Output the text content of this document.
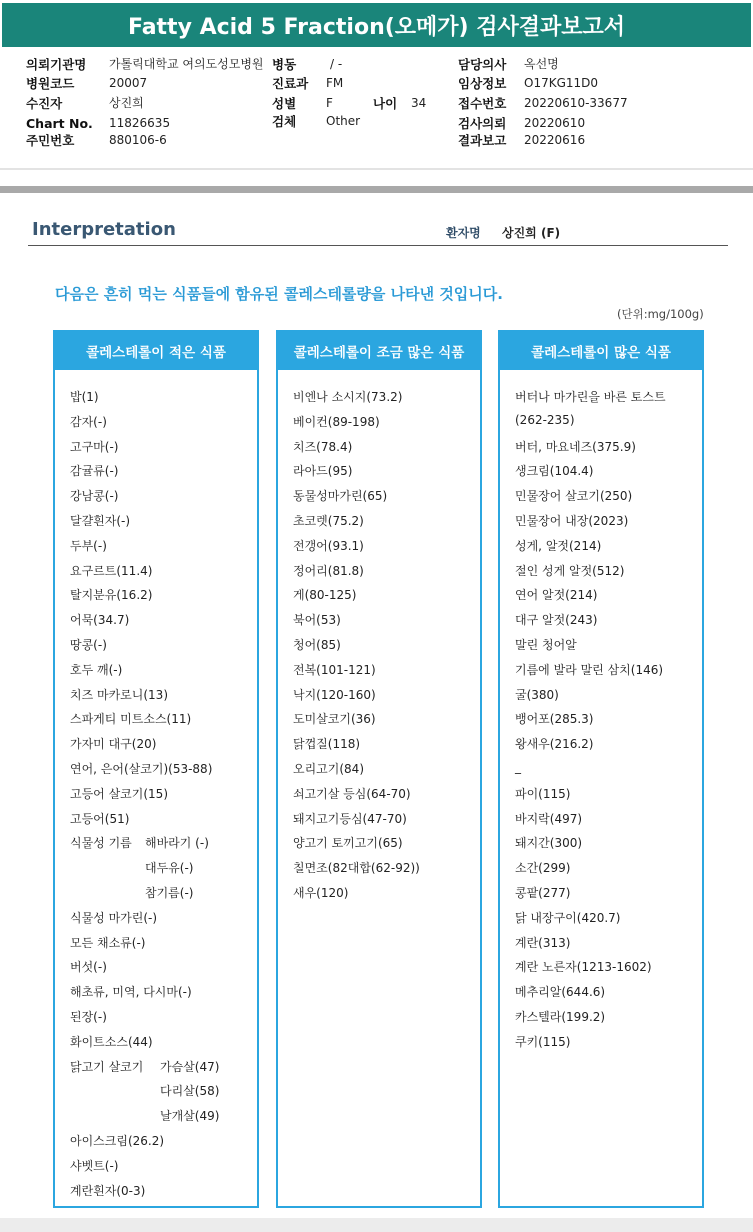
Fatty Acid 5 Fraction(오메가) 검사결과보고서
의뢰기관명 가톨릭대학교 여의도성모병원
병원코드	20007
수진자	상진희
Chart No. 11826635
주민번호	880106-6
병동	/ -
진료과 FM
성별 F	나이 34
검체 Other
담당의사 옥선명
임상정보 O17KG11D0
접수번호 20220610-33677
검사의뢰 20220610
결과보고 20220616
Interpretation	환자명 상진희 (F)
다음은 흔히 먹는 식품들에 함유된 콜레스테롤량을 나타낸 것입니다.
(단위:mg/100g)
콜레스테롤이 적은 식품
밥(1)
감자(-)
고구마(-)
감귤류(-)
강남콩(-)
달걀흰자(-)
두부(-)
요구르트(11.4)
탈지분유(16.2)
어묵(34.7)
땅콩(-)
호두 깨(-)
치즈 마카로니(13)
스파게티 미트소스(11)
가자미 대구(20)
연어, 은어(살코기)(53-88)
고등어 살코기(15)
고등어(51)
식물성 기름 해바라기 (-)
대두유(-)
참기름(-)
식물성 마가린(-)
모든 채소류(-)
버섯(-)
해초류, 미역, 다시마(-)
된장(-)
화이트소스(44)
닭고기 살코기 가슴살(47)
다리살(58)
날개살(49)
아이스크림(26.2)
샤벳트(-)
계란흰자(0-3)
콜레스테롤이 조금 많은 식품
비엔나 소시지(73.2)
베이컨(89-198)
치즈(78.4)
라아드(95)
동물성마가린(65)
초코렛(75.2)
전갱어(93.1)
정어리(81.8)
게(80-125)
북어(53)
청어(85)
전복(101-121)
낙지(120-160)
도미살코기(36)
닭껍질(118)
오리고기(84)
쇠고기살 등심(64-70)
돼지고기등심(47-70)
양고기 토끼고기(65)
칠면조(82대합(62-92))
새우(120)
콜레스테롤이 많은 식품
버터나 마가린을 바른 토스트
(262-235)
버터, 마요네즈(375.9)
생크림(104.4)
민물장어 살코기(250)
민물장어 내장(2023)
성게, 알젓(214)
절인 성게 알젓(512)
연어 알젓(214)
대구 알젓(243)
말린 청어알
기름에 발라 말린 삼치(146)
굴(380)
뱅어포(285.3)
왕새우(216.2)
_
파이(115)
바지락(497)
돼지간(300)
소간(299)
콩팥(277)
닭 내장구이(420.7)
계란(313)
계란 노른자(1213-1602)
메추리알(644.6)
카스텔라(199.2)
쿠키(115)
